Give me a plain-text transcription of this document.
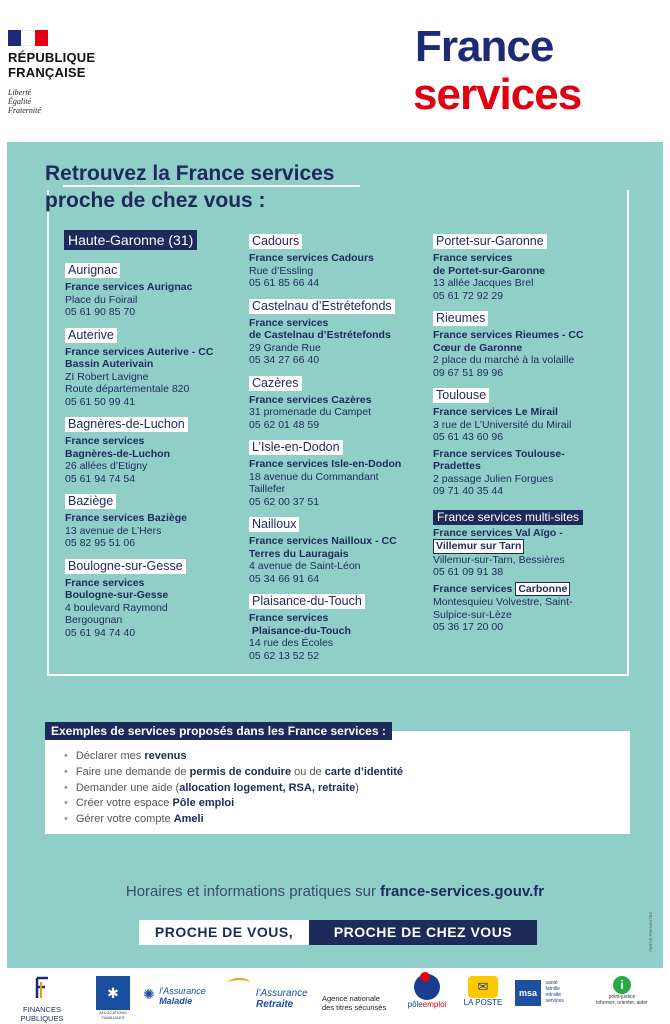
RÉPUBLIQUE
FRANÇAISE
Liberté
Égalité
Fraternité
France
services
Retrouvez la France services
proche de chez vous :
Haute-Garonne (31)
Aurignac
France services Aurignac
Place du Foirail
05 61 90 85 70
Auterive
France services Auterive - CC
Bassin Auterivain
ZI Robert Lavigne
Route départementale 820
05 61 50 99 41
Bagnères-de-Luchon
France services
Bagnères-de-Luchon
26 allées d’Etigny
05 61 94 74 54
Baziège
France services Baziège
13 avenue de L’Hers
05 82 95 51 06
Boulogne-sur-Gesse
France services
Boulogne-sur-Gesse
4 boulevard Raymond
Bergougnan
05 61 94 74 40
Cadours
France services Cadours
Rue d’Essling
05 61 85 66 44
Castelnau d’Estrétefonds
France services
de Castelnau d’Estrétefonds
29 Grande Rue
05 34 27 66 40
Cazères
France services Cazères
31 promenade du Campet
05 62 01 48 59
L’Isle-en-Dodon
France services Isle-en-Dodon
18 avenue du Commandant
Taillefer
05 62 00 37 51
Nailloux
France services Nailloux - CC
Terres du Lauragais
4 avenue de Saint-Léon
05 34 66 91 64
Plaisance-du-Touch
France services
Plaisance-du-Touch
14 rue des Écoles
05 62 13 52 52
Portet-sur-Garonne
France services
de Portet-sur-Garonne
13 allée Jacques Brel
05 61 72 92 29
Rieumes
France services Rieumes - CC
Cœur de Garonne
2 place du marché à la volaille
09 67 51 89 96
Toulouse
France services Le Mirail
3 rue de L’Université du Mirail
05 61 43 60 96
France services Toulouse-
Pradettes
2 passage Julien Forgues
09 71 40 35 44
France services multi-sites
France services Val Aïgo -
Villemur sur Tarn
Villemur-sur-Tarn, Bessières
05 61 09 91 38
France services Carbonne
Montesquieu Volvestre, Saint-
Sulpice-sur-Lèze
05 36 17 20 00
Exemples de services proposés dans les France services :
• Déclarer mes revenus
• Faire une demande de permis de conduire ou de carte d’identité
• Demander une aide (allocation logement, RSA, retraite)
• Créer votre espace Pôle emploi
• Gérer votre compte Ameli
Horaires et informations pratiques sur france-services.gouv.fr
PROCHE DE VOUS,	PROCHE DE CHEZ VOUS	PARTIS PRENANTES
FINANCES PUBLIQUES
✱
ALLOCATIONS FAMILIALES
✺ l’Assurance
Maladie
l’Assurance
Retraite
Agence nationale
des titres sécurisés	pôleemploi
✉
LA POSTE
msa
santé
famille
retraite
services
i
point-justice
informer, orienter, aider
